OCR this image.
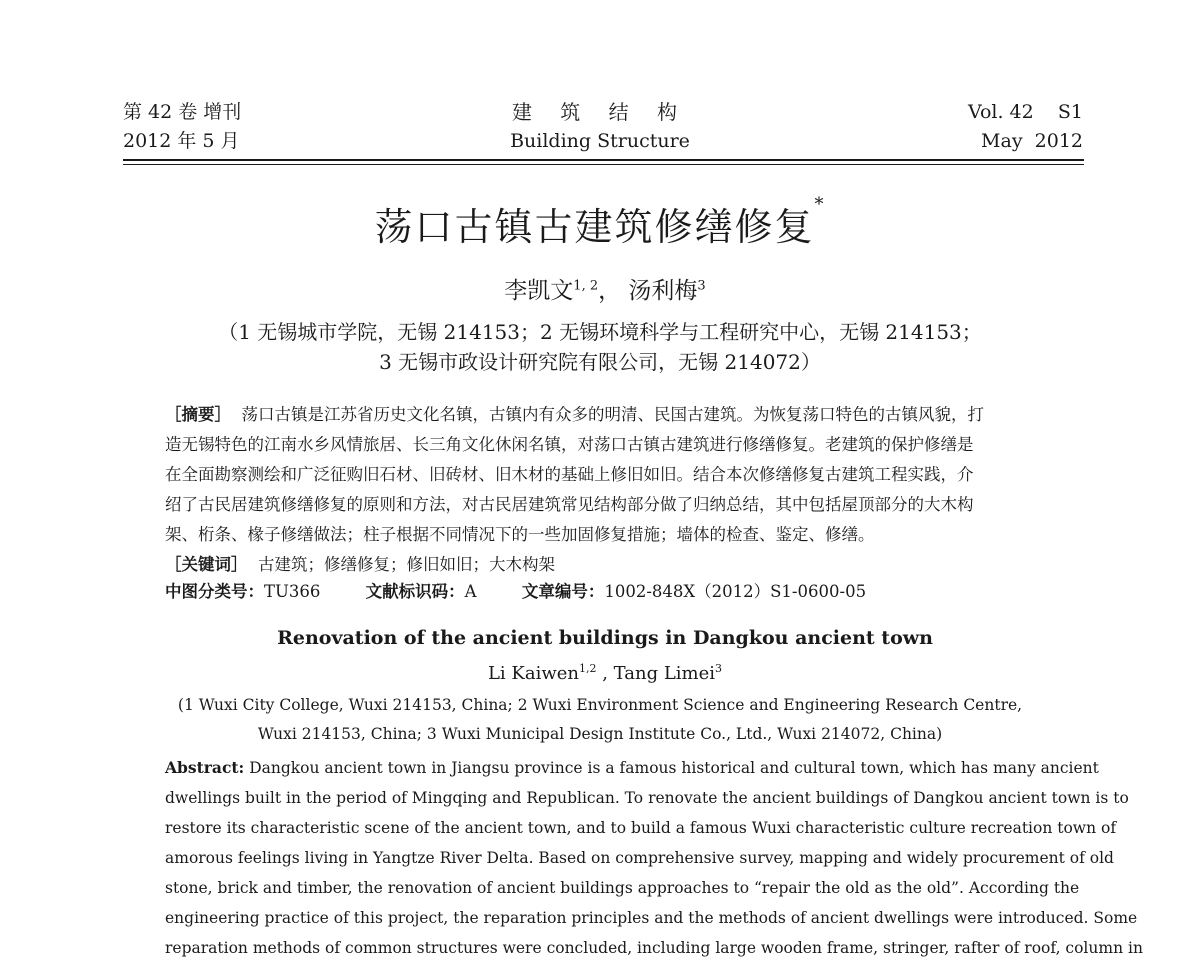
第 42 卷 增刊
2012 年 5 月
建 筑 结 构
Building Structure
Vol. 42    S1
May  2012
荡口古镇古建筑修缮修复*
李凯文$^{1, 2}$， 汤利梅$^3$
（1 无锡城市学院，无锡 214153；2 无锡环境科学与工程研究中心，无锡 214153；
3 无锡市政设计研究院有限公司，无锡 214072）
［摘要］ 荡口古镇是江苏省历史文化名镇，古镇内有众多的明清、民国古建筑。为恢复荡口特色的古镇风貌，打
造无锡特色的江南水乡风情旅居、长三角文化休闲名镇，对荡口古镇古建筑进行修缮修复。老建筑的保护修缮是
在全面勘察测绘和广泛征购旧石材、旧砖材、旧木材的基础上修旧如旧。结合本次修缮修复古建筑工程实践，介
绍了古民居建筑修缮修复的原则和方法，对古民居建筑常见结构部分做了归纳总结，其中包括屋顶部分的大木构
架、桁条、椽子修缮做法；柱子根据不同情况下的一些加固修复措施；墙体的检查、鉴定、修缮。
［关键词］ 古建筑；修缮修复；修旧如旧；大木构架
中图分类号：TU366	文献标识码：A	文章编号：1002-848X（2012）S1-0600-05
Renovation of the ancient buildings in Dangkou ancient town
Li Kaiwen$^{1,2}$ , Tang Limei$^3$
(1 Wuxi City College, Wuxi 214153, China; 2 Wuxi Environment Science and Engineering Research Centre,
Wuxi 214153, China; 3 Wuxi Municipal Design Institute Co., Ltd., Wuxi 214072, China)
Abstract: Dangkou ancient town in Jiangsu province is a famous historical and cultural town, which has many ancient
dwellings built in the period of Mingqing and Republican. To renovate the ancient buildings of Dangkou ancient town is to
restore its characteristic scene of the ancient town, and to build a famous Wuxi characteristic culture recreation town of
amorous feelings living in Yangtze River Delta. Based on comprehensive survey, mapping and widely procurement of old
stone, brick and timber, the renovation of ancient buildings approaches to “repair the old as the old”. According the
engineering practice of this project, the reparation principles and the methods of ancient dwellings were introduced. Some
reparation methods of common structures were concluded, including large wooden frame, stringer, rafter of roof, column in
